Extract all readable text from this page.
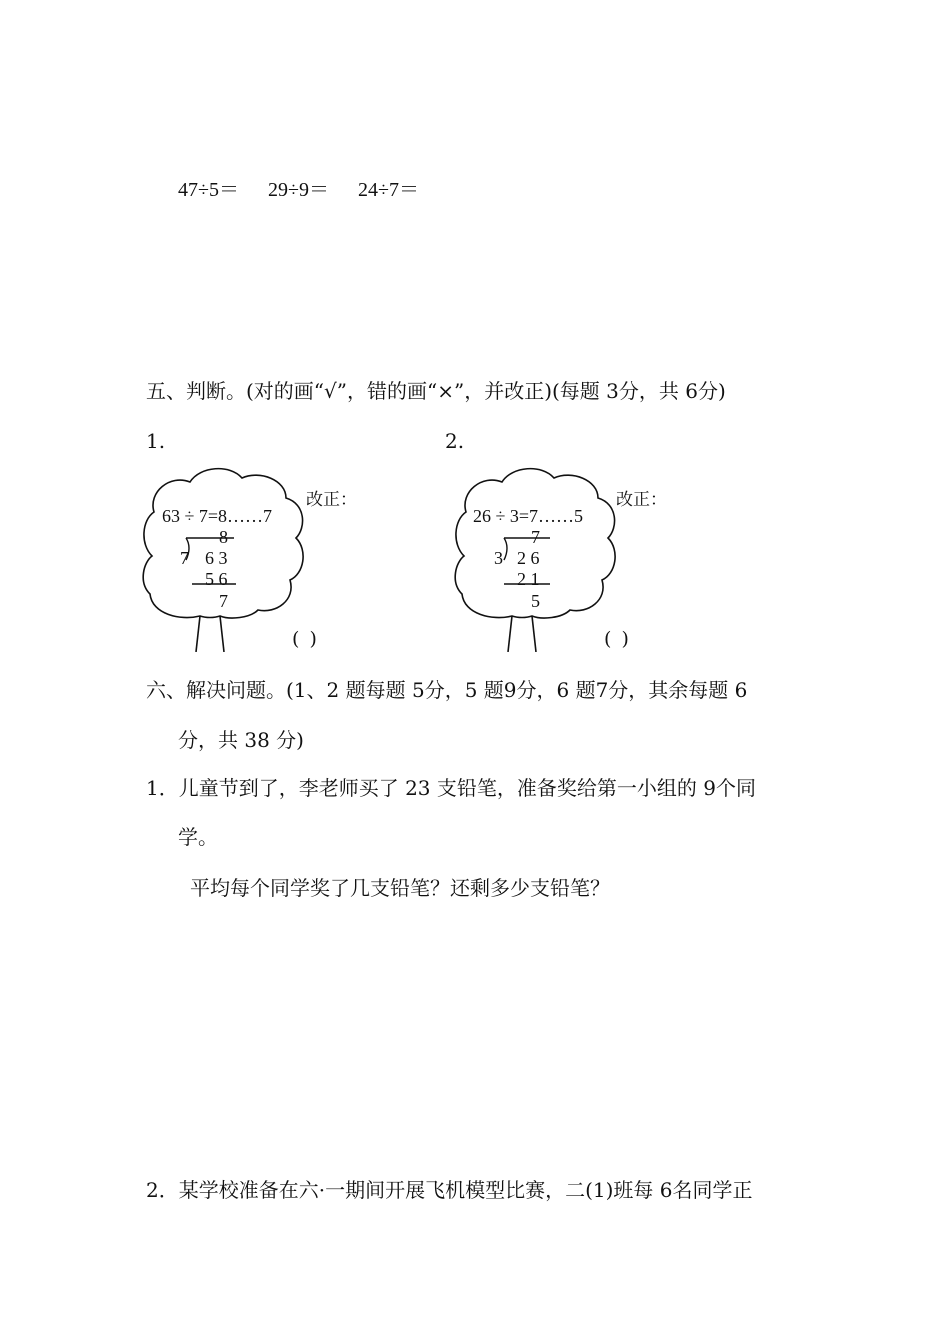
47÷5＝ 29÷9＝ 24÷7＝
五、判断。(对的画“√”，错的画“×”，并改正)(每题 3分，共 6分)
1.	2.
63 ÷ 7=8……7
8
7 6 3
5 6
7
改正：
( )
26 ÷ 3=7……5
7
3 2 6
2 1
5
改正：
( )
六、解决问题。(1、2 题每题 5分，5 题9分，6 题7分，其余每题 6
分，共 38 分)
1．儿童节到了，李老师买了 23 支铅笔，准备奖给第一小组的 9个同
学。
平均每个同学奖了几支铅笔？还剩多少支铅笔？
2．某学校准备在六·一期间开展飞机模型比赛，二(1)班每 6名同学正
